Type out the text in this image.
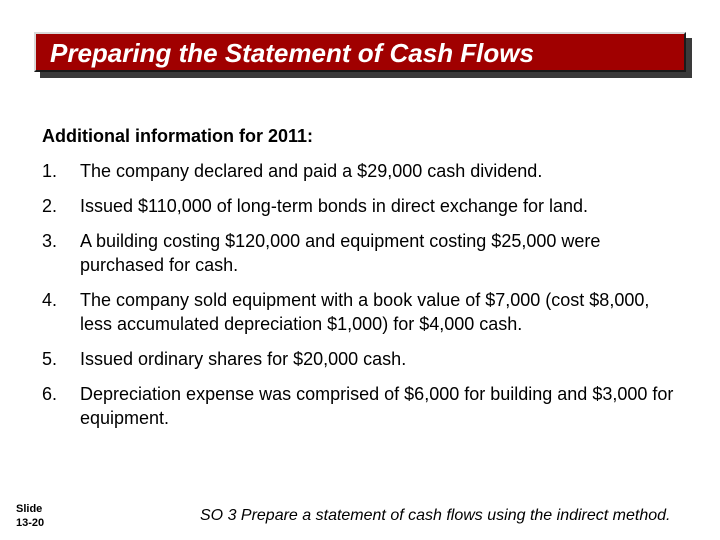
Preparing the Statement of Cash Flows

Additional information for 2011:

1.	The company declared and paid a $29,000 cash dividend.
2.	Issued $110,000 of long-term bonds in direct exchange for land.
3.	A building costing $120,000 and equipment costing $25,000 were purchased for cash.
4.	The company sold equipment with a book value of $7,000 (cost $8,000, less accumulated depreciation $1,000) for $4,000 cash.
5.	Issued ordinary shares for $20,000 cash.
6.	Depreciation expense was comprised of $6,000 for building and $3,000 for equipment.
Slide
13-20	SO 3 Prepare a statement of cash flows using the indirect method.
